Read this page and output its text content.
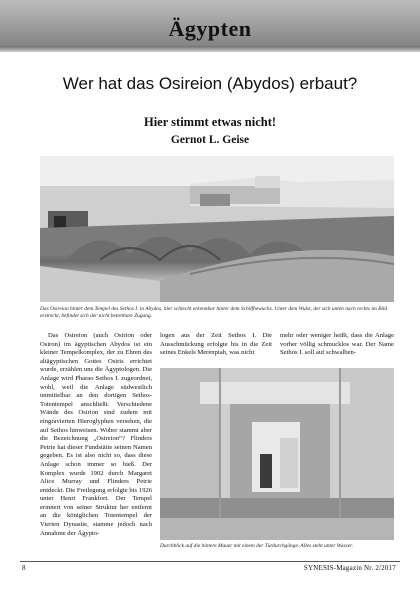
Ägypten
Wer hat das Osireion (Abydos) erbaut?
Hier stimmt etwas nicht!
Gernot L. Geise
Das Osireion hinter dem Tempel des Sethos I. in Abydos, hier schlecht erkennbar hinter dem Schilfbewuchs. Unter dem Wulst, der sich unten nach rechts im Bild erstreckt, befindet sich der nicht betretbare Zugang.
Durchblick auf die hintere Mauer mit einem der Türdurchgänge. Alles steht unter Wasser.
Das Osireion (auch Osirion oder Osiron) im ägyptischen Abydos ist ein kleiner Tempelkomplex, der zu Ehren des altägyptischen Gottes Osiris errichtet wurde, erzählen uns die Ägyptologen. Die Anlage wird Pharao Sethos I. zugeordnet, wohl, weil die Anlage südwestlich unmittelbar an den dortigen Sethos-Totentempel anschließt. Verschiedene Wände des Osirion sind zudem mit eingravierten Hieroglyphen versehen, die auf Sethos hinweisen. Woher stammt aber die Bezeichnung „Osireion“? Flinders Petrie hat dieser Fundstätte seinen Namen gegeben. Es ist also nicht so, dass diese Anlage schon immer so hieß. Der Komplex wurde 1902 durch Margaret Alice Murray und Flinders Petrie entdeckt. Die Freilegung erfolgte bis 1926 unter Henri Frankfort. Der Tempel erinnert von seiner Struktur her entfernt an die königlichen Totentempel der Vierten Dynastie, stamme jedoch nach Annahme der Ägypto-
logen aus der Zeit Sethos I. Die Ausschmückung erfolgte bis in die Zeit seines Enkels Merenptah, was nicht
mehr oder weniger heißt, dass die Anlage vorher völlig schmucklos war. Der Name Sethos I. soll auf schwalben-
8	SYNESIS-Magazin Nr. 2/2017
